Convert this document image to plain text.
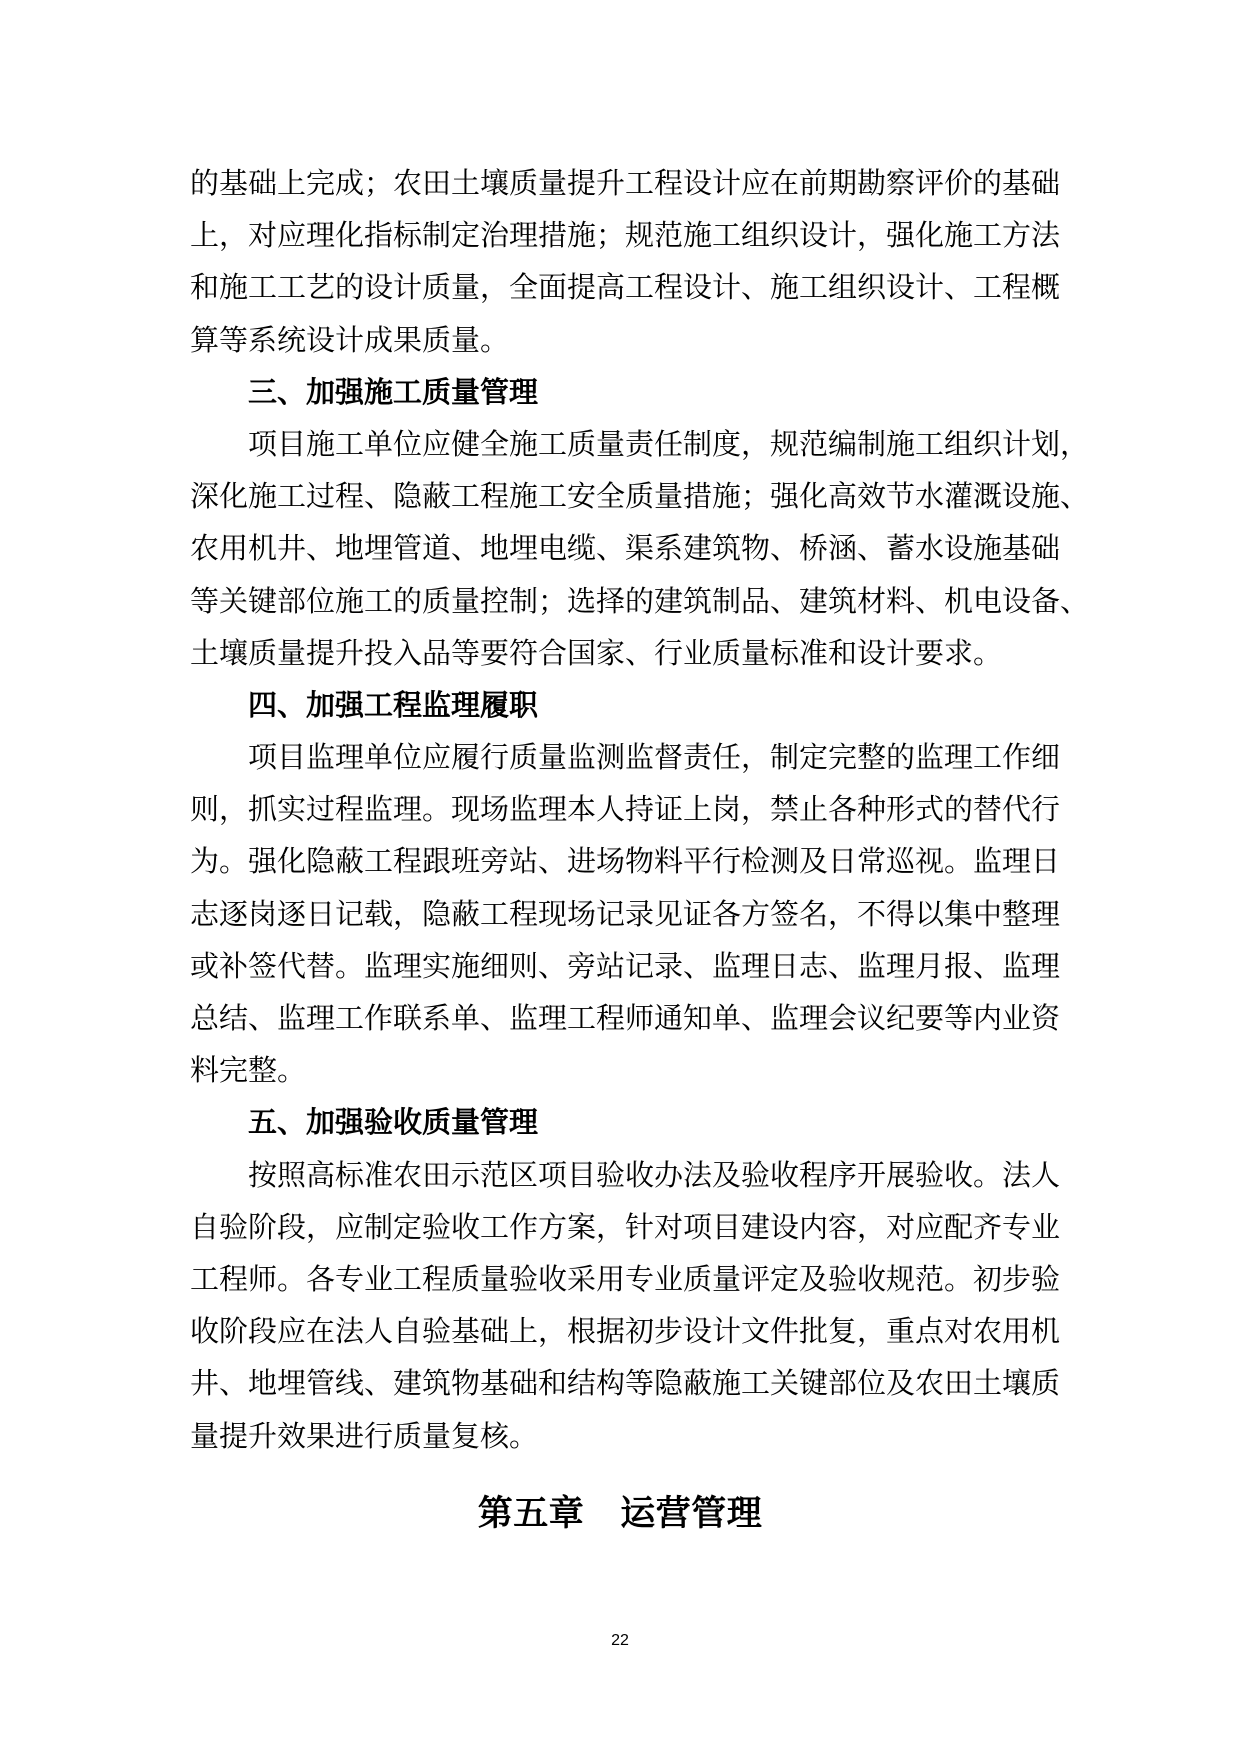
的基础上完成；农田土壤质量提升工程设计应在前期勘察评价的基础
上，对应理化指标制定治理措施；规范施工组织设计，强化施工方法
和施工工艺的设计质量，全面提高工程设计、施工组织设计、工程概
算等系统设计成果质量。
三、加强施工质量管理
项目施工单位应健全施工质量责任制度，规范编制施工组织计划，
深化施工过程、隐蔽工程施工安全质量措施；强化高效节水灌溉设施、
农用机井、地埋管道、地埋电缆、渠系建筑物、桥涵、蓄水设施基础
等关键部位施工的质量控制；选择的建筑制品、建筑材料、机电设备、
土壤质量提升投入品等要符合国家、行业质量标准和设计要求。
四、加强工程监理履职
项目监理单位应履行质量监测监督责任，制定完整的监理工作细
则，抓实过程监理。现场监理本人持证上岗，禁止各种形式的替代行
为。强化隐蔽工程跟班旁站、进场物料平行检测及日常巡视。监理日
志逐岗逐日记载，隐蔽工程现场记录见证各方签名，不得以集中整理
或补签代替。监理实施细则、旁站记录、监理日志、监理月报、监理
总结、监理工作联系单、监理工程师通知单、监理会议纪要等内业资
料完整。
五、加强验收质量管理
按照高标准农田示范区项目验收办法及验收程序开展验收。法人
自验阶段，应制定验收工作方案，针对项目建设内容，对应配齐专业
工程师。各专业工程质量验收采用专业质量评定及验收规范。初步验
收阶段应在法人自验基础上，根据初步设计文件批复，重点对农用机
井、地埋管线、建筑物基础和结构等隐蔽施工关键部位及农田土壤质
量提升效果进行质量复核。
第五章 运营管理
22
